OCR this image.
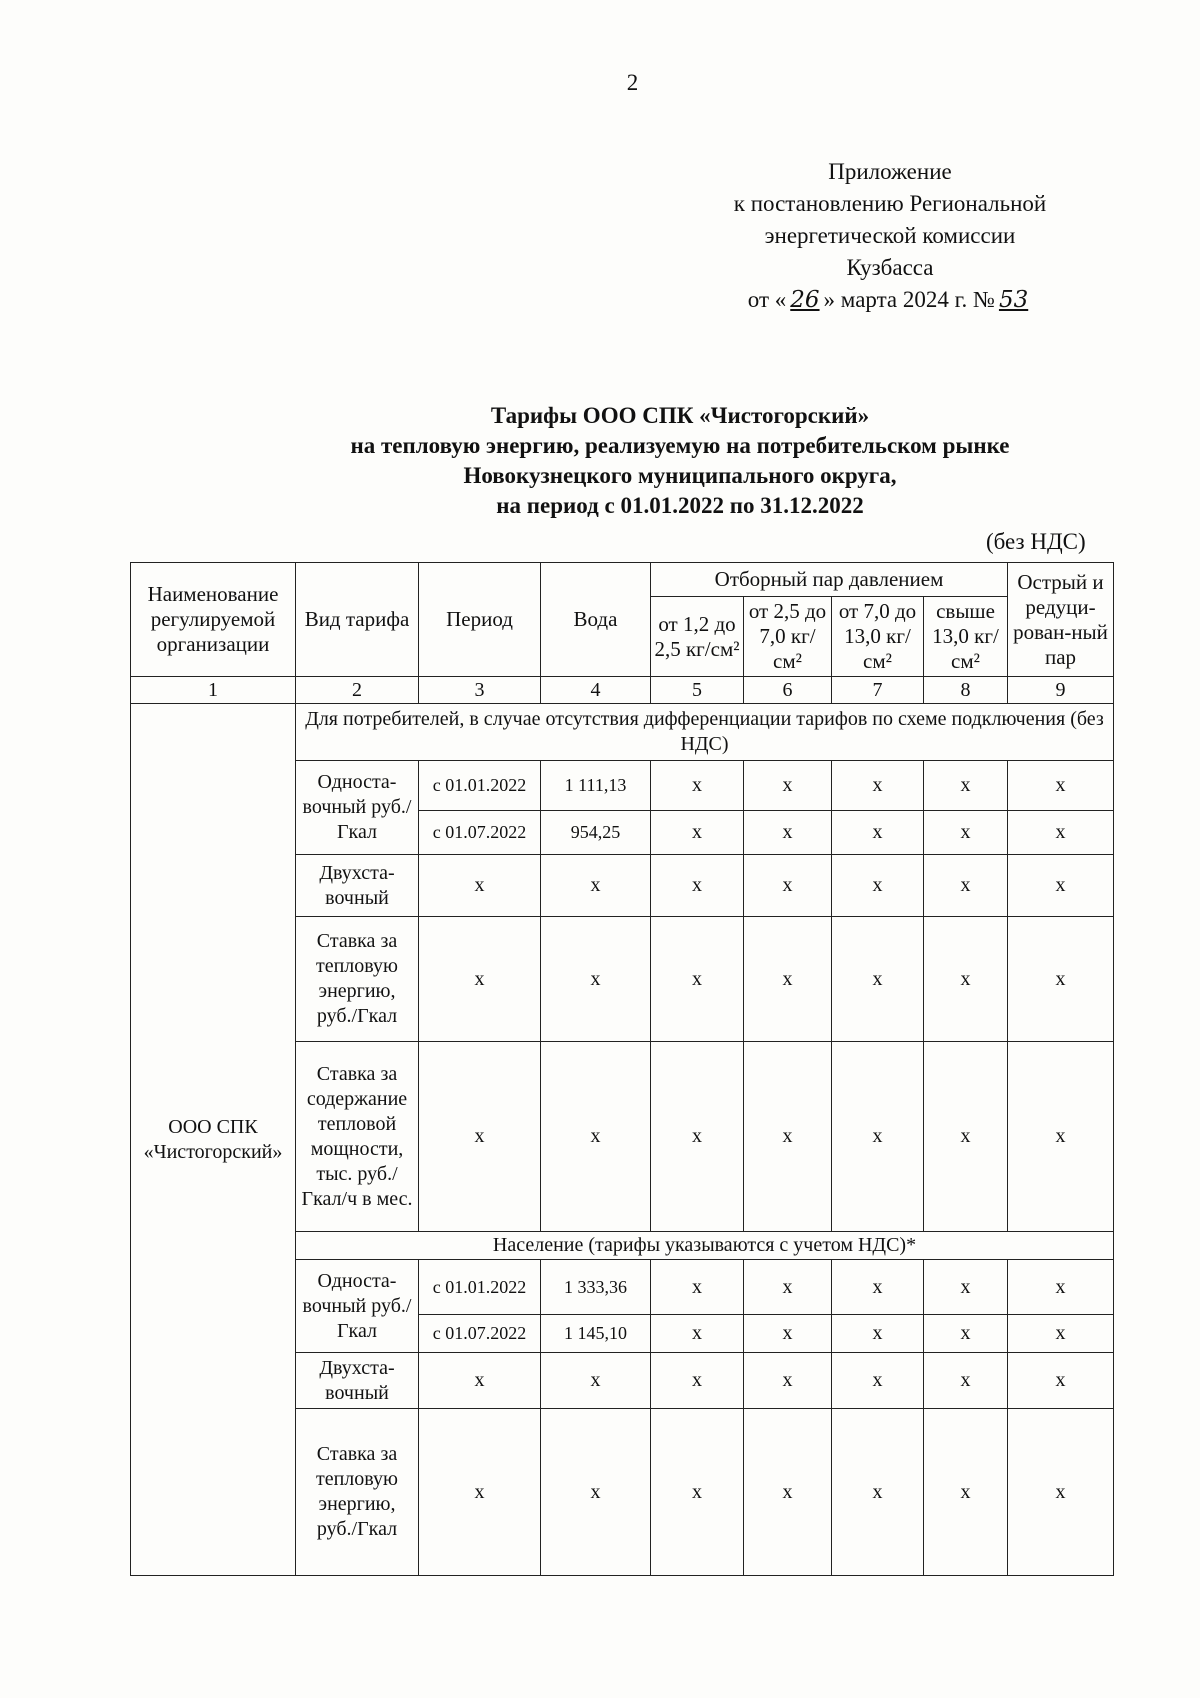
2
Приложение
к постановлению Региональной
энергетической комиссии
Кузбасса
от « 26 » марта 2024 г. № 53
Тарифы ООО СПК «Чистогорский»
на тепловую энергию, реализуемую на потребительском рынке
Новокузнецкого муниципального округа,
на период с 01.01.2022 по 31.12.2022
(без НДС)
Наименование регулируемой организации	Вид тарифа	Период	Вода	Отборный пар давлением				Острый и редуци-рован-ный пар
				от 1,2 до 2,5 кг/см²	от 2,5 до 7,0 кг/см²	от 7,0 до 13,0 кг/см²	свыше 13,0 кг/см²	
1	2	3	4	5	6	7	8	9
ООО СПК «Чистогорский»	Для потребителей, в случае отсутствия дифференциации тарифов по схеме подключения (без НДС)							
	Односта-вочный руб./Гкал	с 01.01.2022	1 111,13	x	x	x	x	x
		с 01.07.2022	954,25	x	x	x	x	x
	Двухста-вочный	x	x	x	x	x	x	x
	Ставка за тепловую энергию, руб./Гкал	x	x	x	x	x	x	x
	Ставка за содержание тепловой мощности, тыс. руб./ Гкал/ч в мес.	x	x	x	x	x	x	x
	Население (тарифы указываются с учетом НДС)*							
	Односта-вочный руб./Гкал	с 01.01.2022	1 333,36	x	x	x	x	x
		с 01.07.2022	1 145,10	x	x	x	x	x
	Двухста-вочный	x	x	x	x	x	x	x
	Ставка за тепловую энергию, руб./Гкал	x	x	x	x	x	x	x
